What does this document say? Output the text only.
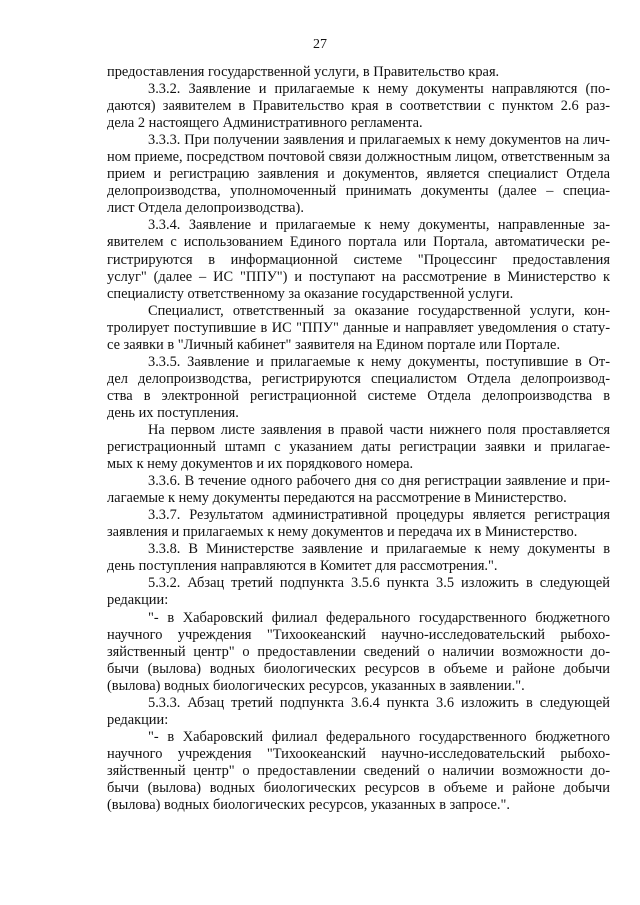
27
предоставления государственной услуги, в Правительство края.
3.3.2. Заявление и прилагаемые к нему документы направляются (по-
даются) заявителем в Правительство края в соответствии с пунктом 2.6 раз-
дела 2 настоящего Административного регламента.
3.3.3. При получении заявления и прилагаемых к нему документов на лич-
ном приеме, посредством почтовой связи должностным лицом, ответственным за
прием и регистрацию заявления и документов, является специалист Отдела
делопроизводства, уполномоченный принимать документы (далее – специа-
лист Отдела делопроизводства).
3.3.4. Заявление и прилагаемые к нему документы, направленные за-
явителем с использованием Единого портала или Портала, автоматически ре-
гистрируются в информационной системе "Процессинг предоставления
услуг" (далее – ИС "ППУ") и поступают на рассмотрение в Министерство к
специалисту ответственному за оказание государственной услуги.
Специалист, ответственный за оказание государственной услуги, кон-
тролирует поступившие в ИС "ППУ" данные и направляет уведомления о стату-
се заявки в "Личный кабинет" заявителя на Едином портале или Портале.
3.3.5. Заявление и прилагаемые к нему документы, поступившие в От-
дел делопроизводства, регистрируются специалистом Отдела делопроизвод-
ства в электронной регистрационной системе Отдела делопроизводства в
день их поступления.
На первом листе заявления в правой части нижнего поля проставляется
регистрационный штамп с указанием даты регистрации заявки и прилагае-
мых к нему документов и их порядкового номера.
3.3.6. В течение одного рабочего дня со дня регистрации заявление и при-
лагаемые к нему документы передаются на рассмотрение в Министерство.
3.3.7. Результатом административной процедуры является регистрация
заявления и прилагаемых к нему документов и передача их в Министерство.
3.3.8. В Министерстве заявление и прилагаемые к нему документы в
день поступления направляются в Комитет для рассмотрения.".
5.3.2. Абзац третий подпункта 3.5.6 пункта 3.5 изложить в следующей
редакции:
"- в Хабаровский филиал федерального государственного бюджетного
научного учреждения "Тихоокеанский научно-исследовательский рыбохо-
зяйственный центр" о предоставлении сведений о наличии возможности до-
бычи (вылова) водных биологических ресурсов в объеме и районе добычи
(вылова) водных биологических ресурсов, указанных в заявлении.".
5.3.3. Абзац третий подпункта 3.6.4 пункта 3.6 изложить в следующей
редакции:
"- в Хабаровский филиал федерального государственного бюджетного
научного учреждения "Тихоокеанский научно-исследовательский рыбохо-
зяйственный центр" о предоставлении сведений о наличии возможности до-
бычи (вылова) водных биологических ресурсов в объеме и районе добычи
(вылова) водных биологических ресурсов, указанных в запросе.".
